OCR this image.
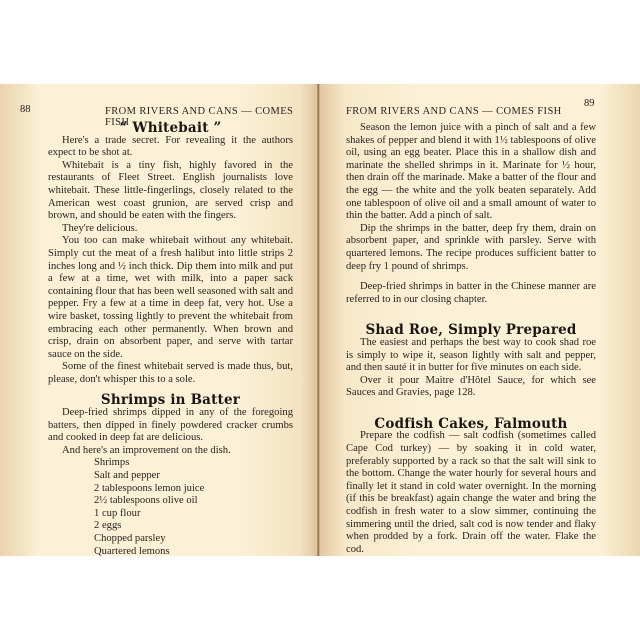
88	FROM RIVERS AND CANS — COMES FISH
“ Whitebait ”

Here's a trade secret. For revealing it the authors expect to be shot at.

Whitebait is a tiny fish, highly favored in the restaurants of Fleet Street. English journalists love whitebait. These little-fingerlings, closely related to the American west coast grunion, are served crisp and brown, and should be eaten with the fingers.

They're delicious.

You too can make whitebait without any whitebait. Simply cut the meat of a fresh halibut into little strips 2 inches long and ½ inch thick. Dip them into milk and put a few at a time, wet with milk, into a paper sack containing flour that has been well seasoned with salt and pepper. Fry a few at a time in deep fat, very hot. Use a wire basket, tossing lightly to prevent the whitebait from embracing each other permanently. When brown and crisp, drain on absorbent paper, and serve with tartar sauce on the side.

Some of the finest whitebait served is made thus, but, please, don't whisper this to a sole.

Shrimps in Batter

Deep-fried shrimps dipped in any of the foregoing batters, then dipped in finely powdered cracker crumbs and cooked in deep fat are delicious.

And here's an improvement on the dish.

Shrimps
Salt and pepper
2 tablespoons lemon juice
2½ tablespoons olive oil
1 cup flour
2 eggs
Chopped parsley
Quartered lemons
FROM RIVERS AND CANS — COMES FISH
89

Season the lemon juice with a pinch of salt and a few shakes of pepper and blend it with 1½ tablespoons of olive oil, using an egg beater. Place this in a shallow dish and marinate the shelled shrimps in it. Marinate for ½ hour, then drain off the marinade. Make a batter of the flour and the egg — the white and the yolk beaten separately. Add one tablespoon of olive oil and a small amount of water to thin the batter. Add a pinch of salt.

Dip the shrimps in the batter, deep fry them, drain on absorbent paper, and sprinkle with parsley. Serve with quartered lemons. The recipe produces sufficient batter to deep fry 1 pound of shrimps.

Deep-fried shrimps in batter in the Chinese manner are referred to in our closing chapter.

Shad Roe, Simply Prepared

The easiest and perhaps the best way to cook shad roe is simply to wipe it, season lightly with salt and pepper, and then sauté it in butter for five minutes on each side.

Over it pour Maitre d'Hôtel Sauce, for which see Sauces and Gravies, page 128.

Codfish Cakes, Falmouth

Prepare the codfish — salt codfish (sometimes called Cape Cod turkey) — by soaking it in cold water, preferably supported by a rack so that the salt will sink to the bottom. Change the water hourly for several hours and finally let it stand in cold water overnight. In the morning (if this be breakfast) again change the water and bring the codfish in fresh water to a slow simmer, continuing the simmering until the dried, salt cod is now tender and flaky when prodded by a fork. Drain off the water. Flake the cod.
